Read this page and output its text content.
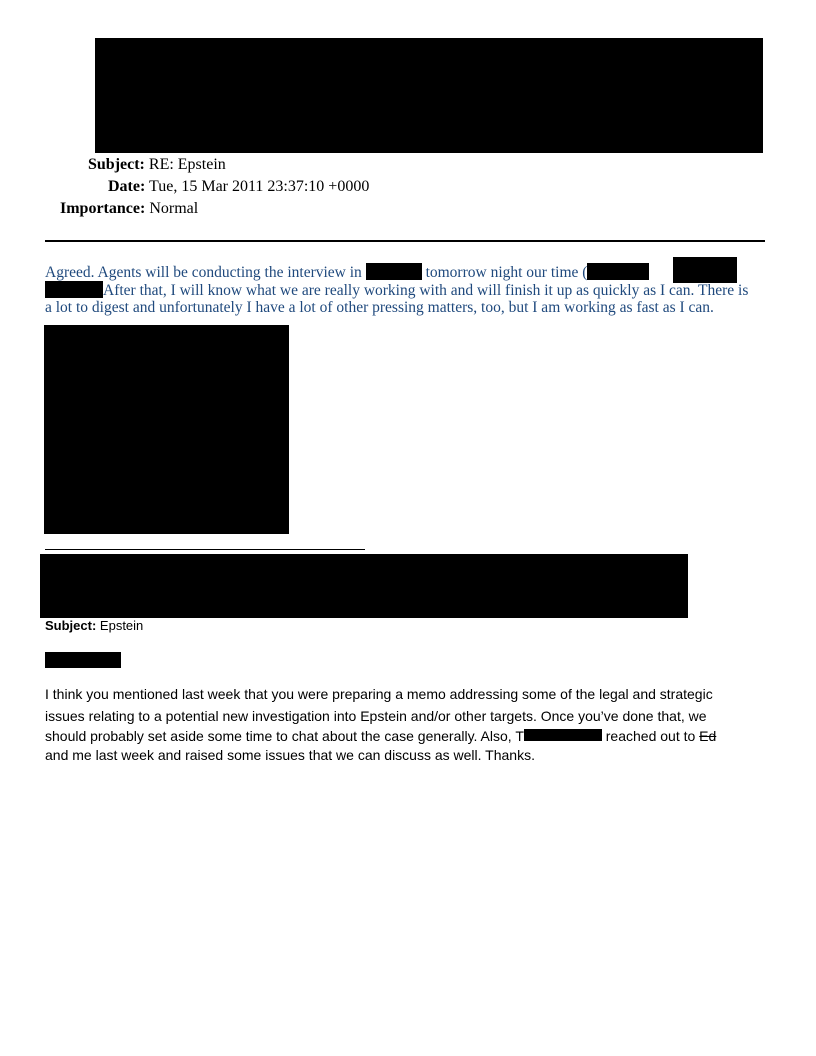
Subject: RE: Epstein
Date: Tue, 15 Mar 2011 23:37:10 +0000
Importance: Normal
Agreed. Agents will be conducting the interview in	tomorrow night our time (
After that, I will know what we are really working with and will finish it up as quickly as I can. There is
a lot to digest and unfortunately I have a lot of other pressing matters, too, but I am working as fast as I can.
Subject: Epstein
I think you mentioned last week that you were preparing a memo addressing some of the legal and strategic
issues relating to a potential new investigation into Epstein and/or other targets. Once you’ve done that, we
should probably set aside some time to chat about the case generally. Also, T	reached out to Ed
and me last week and raised some issues that we can discuss as well. Thanks.
